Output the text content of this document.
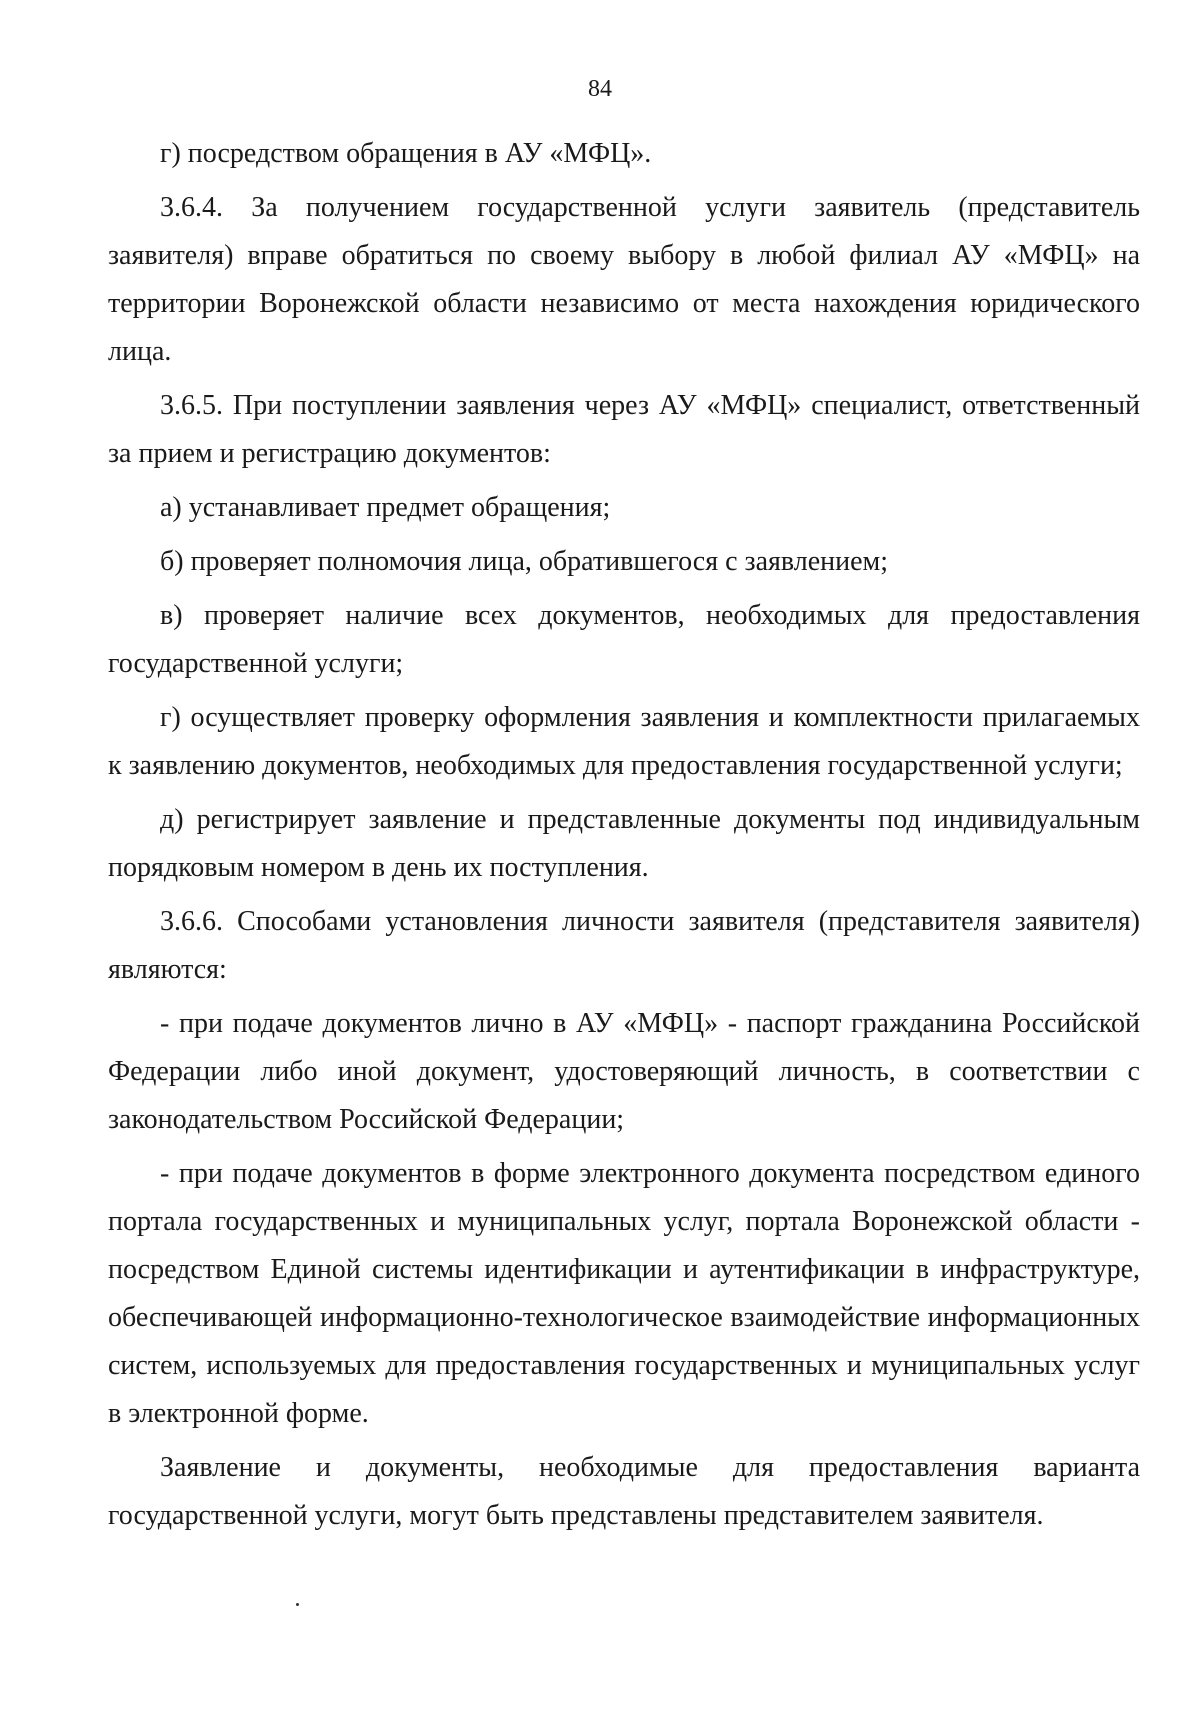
84

г) посредством обращения в АУ «МФЦ».

3.6.4. За получением государственной услуги заявитель (представитель заявителя) вправе обратиться по своему выбору в любой филиал АУ «МФЦ» на территории Воронежской области независимо от места нахождения юридического лица.

3.6.5. При поступлении заявления через АУ «МФЦ» специалист, ответственный за прием и регистрацию документов:

а) устанавливает предмет обращения;

б) проверяет полномочия лица, обратившегося с заявлением;

в) проверяет наличие всех документов, необходимых для предоставления государственной услуги;

г) осуществляет проверку оформления заявления и комплектности прилагаемых к заявлению документов, необходимых для предоставления государственной услуги;

д) регистрирует заявление и представленные документы под индивидуальным порядковым номером в день их поступления.

3.6.6. Способами установления личности заявителя (представителя заявителя) являются:

- при подаче документов лично в АУ «МФЦ» - паспорт гражданина Российской Федерации либо иной документ, удостоверяющий личность, в соответствии с законодательством Российской Федерации;

- при подаче документов в форме электронного документа посредством единого портала государственных и муниципальных услуг, портала Воронежской области - посредством Единой системы идентификации и аутентификации в инфраструктуре, обеспечивающей информационно-технологическое взаимодействие информационных систем, используемых для предоставления государственных и муниципальных услуг в электронной форме.

Заявление и документы, необходимые для предоставления варианта государственной услуги, могут быть представлены представителем заявителя.
